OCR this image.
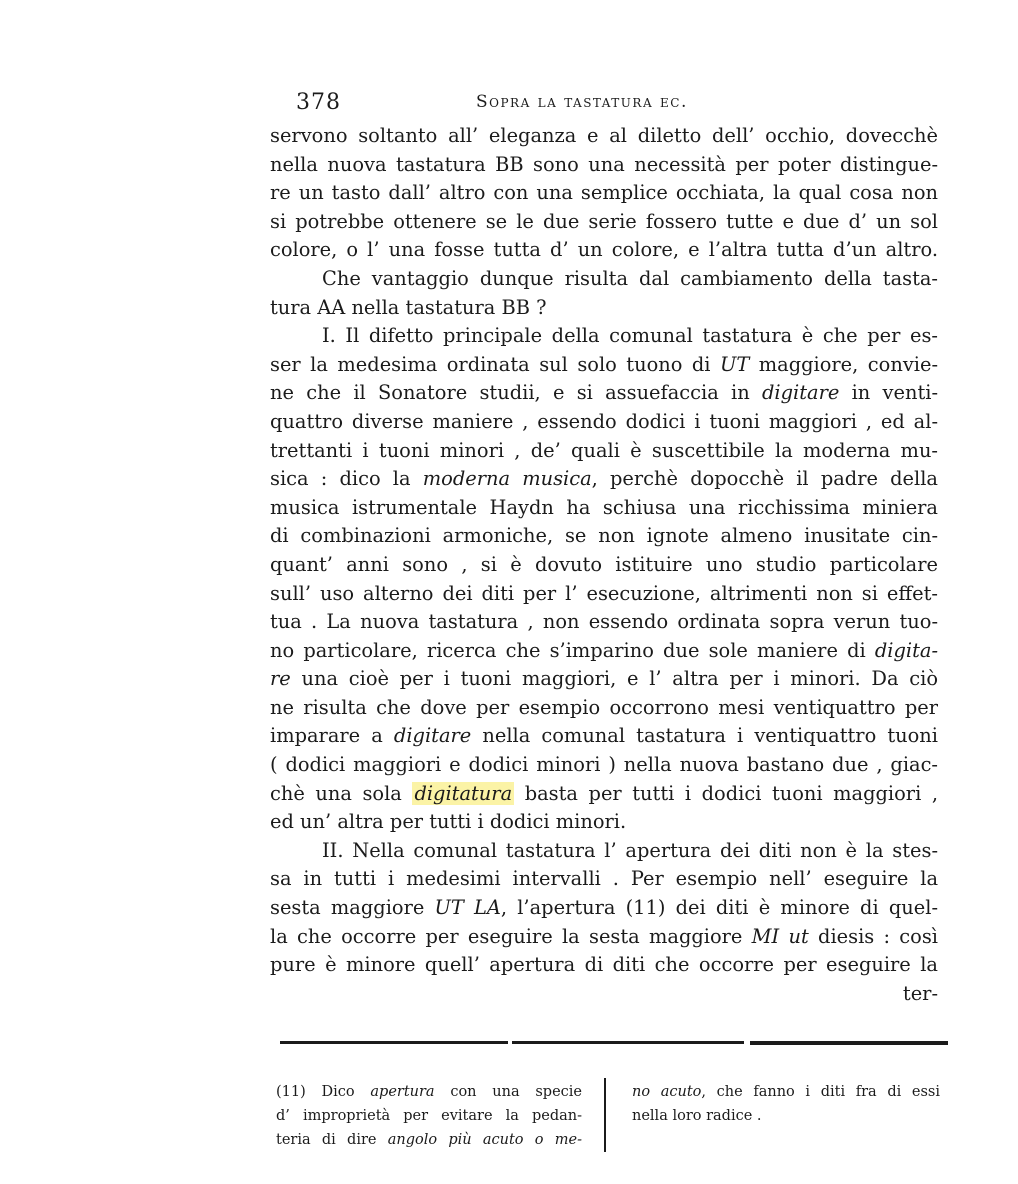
378	Sopra la tastatura ec.
servono soltanto all’ eleganza e al diletto dell’ occhio, dovecchè
nella nuova tastatura BB sono una necessità per poter distingue-
re un tasto dall’ altro con una semplice occhiata, la qual cosa non
si potrebbe ottenere se le due serie fossero tutte e due d’ un sol
colore, o l’ una fosse tutta d’ un colore, e l’altra tutta d’un altro.
Che vantaggio dunque risulta dal cambiamento della tasta-
tura AA nella tastatura BB ?
I. Il difetto principale della comunal tastatura è che per es-
ser la medesima ordinata sul solo tuono di UT maggiore, convie-
ne che il Sonatore studii, e si assuefaccia in digitare in venti-
quattro diverse maniere , essendo dodici i tuoni maggiori , ed al-
trettanti i tuoni minori , de’ quali è suscettibile la moderna mu-
sica : dico la moderna musica, perchè dopocchè il padre della
musica istrumentale Haydn ha schiusa una ricchissima miniera
di combinazioni armoniche, se non ignote almeno inusitate cin-
quant’ anni sono , si è dovuto istituire uno studio particolare
sull’ uso alterno dei diti per l’ esecuzione, altrimenti non si effet-
tua . La nuova tastatura , non essendo ordinata sopra verun tuo-
no particolare, ricerca che s’imparino due sole maniere di digita-
re una cioè per i tuoni maggiori, e l’ altra per i minori. Da ciò
ne risulta che dove per esempio occorrono mesi ventiquattro per
imparare a digitare nella comunal tastatura i ventiquattro tuoni
( dodici maggiori e dodici minori ) nella nuova bastano due , giac-
chè una sola digitatura basta per tutti i dodici tuoni maggiori ,
ed un’ altra per tutti i dodici minori.
II. Nella comunal tastatura l’ apertura dei diti non è la stes-
sa in tutti i medesimi intervalli . Per esempio nell’ eseguire la
sesta maggiore UT LA, l’apertura (11) dei diti è minore di quel-
la che occorre per eseguire la sesta maggiore MI ut diesis : così
pure è minore quell’ apertura di diti che occorre per eseguire la
ter-
(11) Dico apertura con una specie
d’ improprietà per evitare la pedan-
teria di dire angolo più acuto o me-
no acuto, che fanno i diti fra di essi
nella loro radice .
